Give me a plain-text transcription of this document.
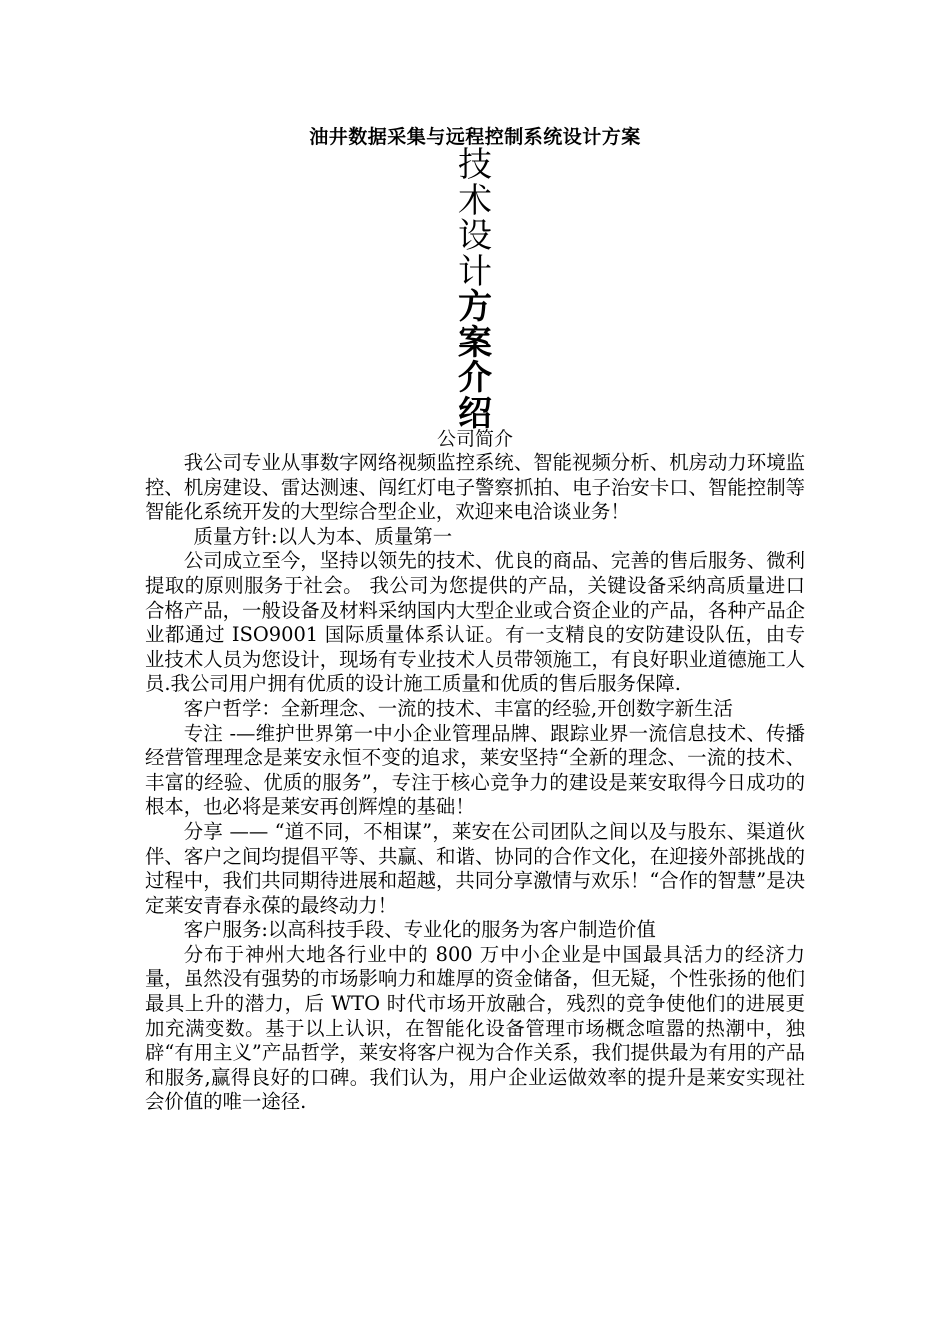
油井数据采集与远程控制系统设计方案
技
术
设
计
方
案
介
绍
公司简介

我公司专业从事数字网络视频监控系统、智能视频分析、机房动力环境监控、机房建设、雷达测速、闯红灯电子警察抓拍、电子治安卡口、智能控制等智能化系统开发的大型综合型企业，欢迎来电洽谈业务！

质量方针:以人为本、质量第一

公司成立至今，坚持以领先的技术、优良的商品、完善的售后服务、微利提取的原则服务于社会。 我公司为您提供的产品，关键设备采纳高质量进口合格产品，一般设备及材料采纳国内大型企业或合资企业的产品，各种产品企业都通过 ISO9001 国际质量体系认证。有一支精良的安防建设队伍，由专业技术人员为您设计，现场有专业技术人员带领施工，有良好职业道德施工人员.我公司用户拥有优质的设计施工质量和优质的售后服务保障.

客户哲学：全新理念、一流的技术、丰富的经验,开创数字新生活

专注 -—维护世界第一中小企业管理品牌、跟踪业界一流信息技术、传播经营管理理念是莱安永恒不变的追求，莱安坚持“全新的理念、一流的技术、丰富的经验、优质的服务”，专注于核心竞争力的建设是莱安取得今日成功的根本，也必将是莱安再创辉煌的基础！

分享 —— “道不同，不相谋”，莱安在公司团队之间以及与股东、渠道伙伴、客户之间均提倡平等、共赢、和谐、协同的合作文化，在迎接外部挑战的过程中，我们共同期待进展和超越，共同分享激情与欢乐！“合作的智慧”是决定莱安青春永葆的最终动力！

客户服务:以高科技手段、专业化的服务为客户制造价值

分布于神州大地各行业中的 800 万中小企业是中国最具活力的经济力量，虽然没有强势的市场影响力和雄厚的资金储备，但无疑，个性张扬的他们最具上升的潜力，后 WTO 时代市场开放融合，残烈的竞争使他们的进展更加充满变数。基于以上认识，在智能化设备管理市场概念喧嚣的热潮中，独辟“有用主义”产品哲学，莱安将客户视为合作关系，我们提供最为有用的产品和服务,赢得良好的口碑。我们认为，用户企业运做效率的提升是莱安实现社会价值的唯一途径.
